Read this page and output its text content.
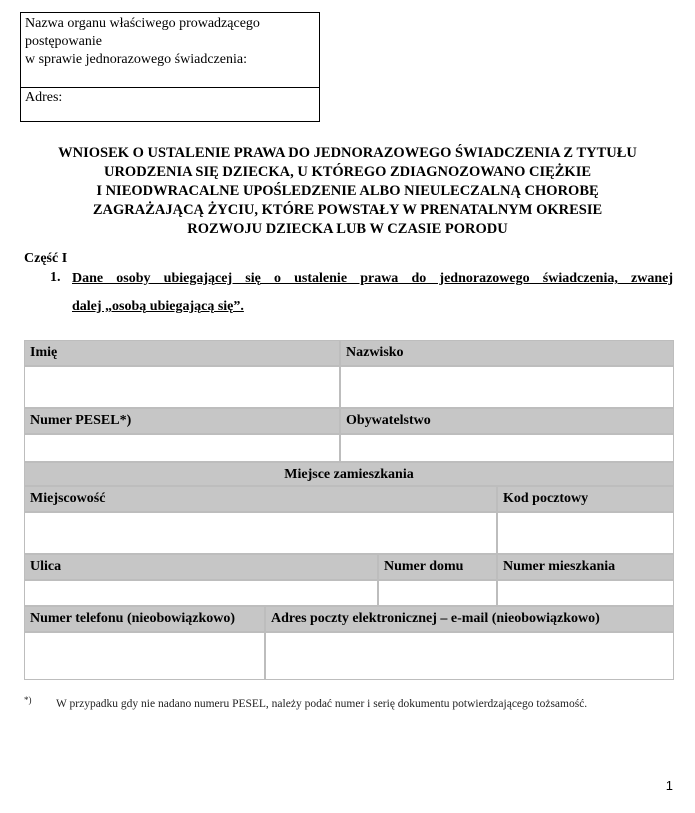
Nazwa organu właściwego prowadzącego
postępowanie
w sprawie jednorazowego świadczenia:
Adres:
WNIOSEK O USTALENIE PRAWA DO JEDNORAZOWEGO ŚWIADCZENIA Z TYTUŁU
URODZENIA SIĘ DZIECKA, U KTÓREGO ZDIAGNOZOWANO CIĘŻKIE
I NIEODWRACALNE UPOŚLEDZENIE ALBO NIEULECZALNĄ CHOROBĘ
ZAGRAŻAJĄCĄ ŻYCIU, KTÓRE POWSTAŁY W PRENATALNYM OKRESIE
ROZWOJU DZIECKA LUB W CZASIE PORODU
Część I
1. Dane osoby ubiegającej się o ustalenie prawa do jednorazowego świadczenia, zwanej
dalej „osobą ubiegającą się”.
Imię	Nazwisko
Numer PESEL*)	Obywatelstwo
Miejsce zamieszkania
Miejscowość	Kod pocztowy
Ulica	Numer domu	Numer mieszkania
Numer telefonu (nieobowiązkowo)	Adres poczty elektronicznej – e-mail (nieobowiązkowo)
*) W przypadku gdy nie nadano numeru PESEL, należy podać numer i serię dokumentu potwierdzającego tożsamość.
1
